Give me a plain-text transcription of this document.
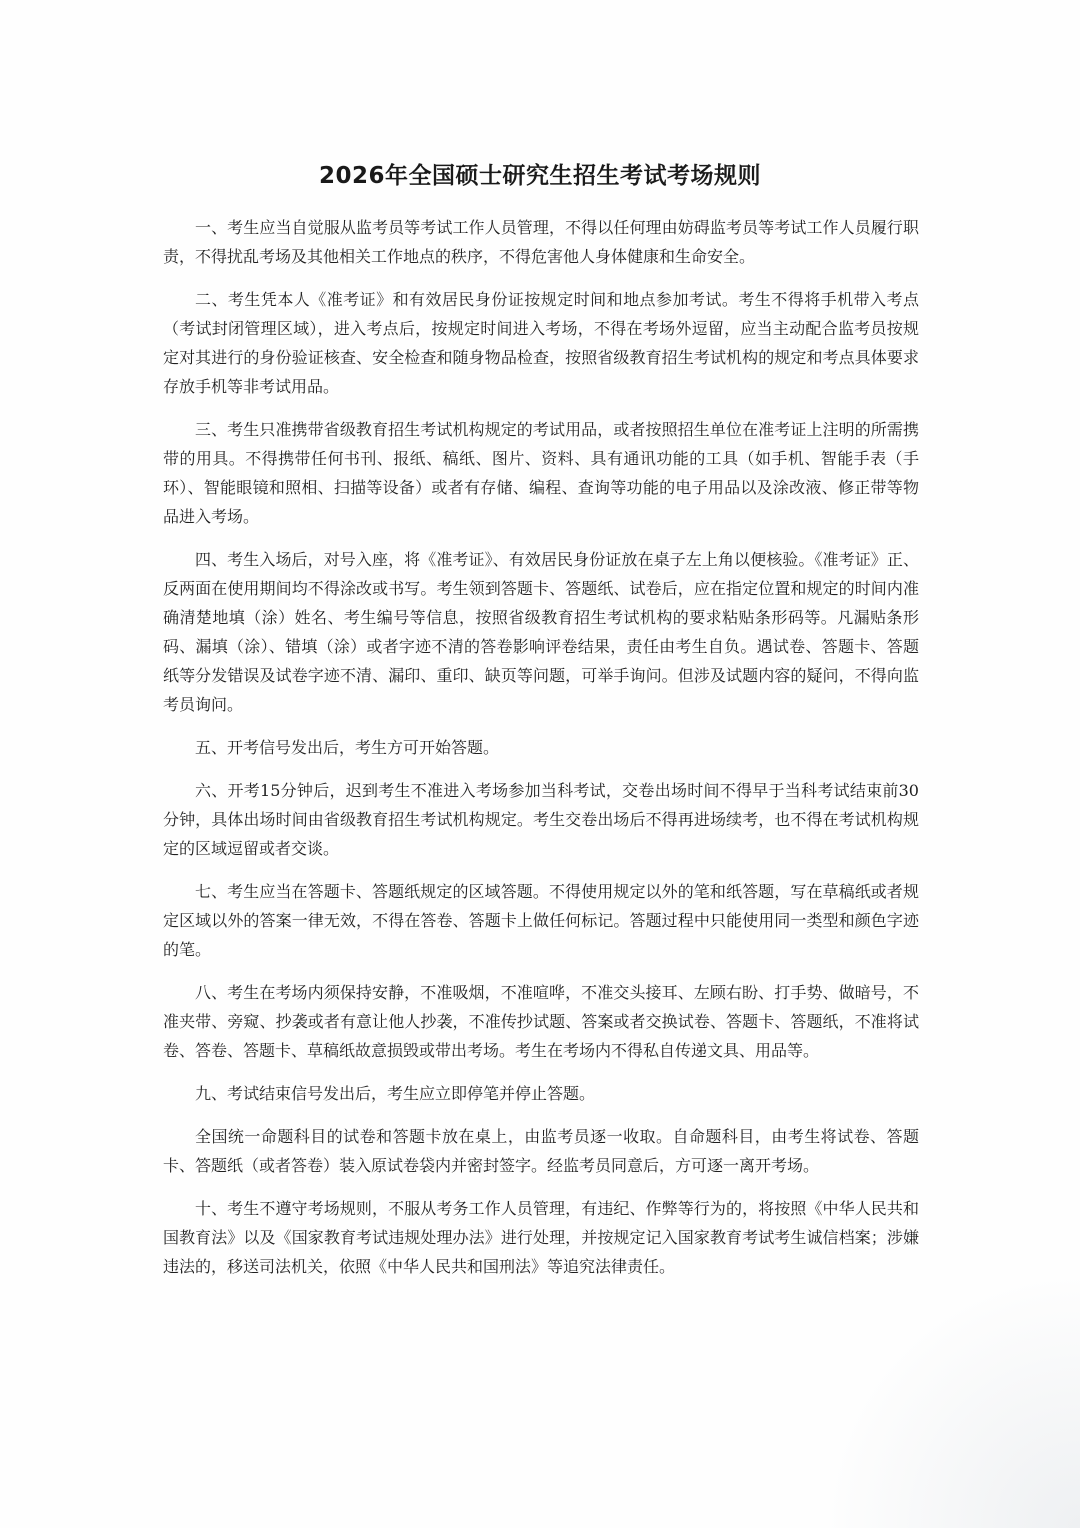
2026年全国硕士研究生招生考试考场规则

一、考生应当自觉服从监考员等考试工作人员管理，不得以任何理由妨碍监考员等考试工作人员履行职责，不得扰乱考场及其他相关工作地点的秩序，不得危害他人身体健康和生命安全。

二、考生凭本人《准考证》和有效居民身份证按规定时间和地点参加考试。考生不得将手机带入考点（考试封闭管理区域），进入考点后，按规定时间进入考场，不得在考场外逗留，应当主动配合监考员按规定对其进行的身份验证核查、安全检查和随身物品检查，按照省级教育招生考试机构的规定和考点具体要求存放手机等非考试用品。

三、考生只准携带省级教育招生考试机构规定的考试用品，或者按照招生单位在准考证上注明的所需携带的用具。不得携带任何书刊、报纸、稿纸、图片、资料、具有通讯功能的工具（如手机、智能手表（手环）、智能眼镜和照相、扫描等设备）或者有存储、编程、查询等功能的电子用品以及涂改液、修正带等物品进入考场。

四、考生入场后，对号入座，将《准考证》、有效居民身份证放在桌子左上角以便核验。《准考证》正、反两面在使用期间均不得涂改或书写。考生领到答题卡、答题纸、试卷后，应在指定位置和规定的时间内准确清楚地填（涂）姓名、考生编号等信息，按照省级教育招生考试机构的要求粘贴条形码等。凡漏贴条形码、漏填（涂）、错填（涂）或者字迹不清的答卷影响评卷结果，责任由考生自负。遇试卷、答题卡、答题纸等分发错误及试卷字迹不清、漏印、重印、缺页等问题，可举手询问。但涉及试题内容的疑问，不得向监考员询问。

五、开考信号发出后，考生方可开始答题。

六、开考15分钟后，迟到考生不准进入考场参加当科考试，交卷出场时间不得早于当科考试结束前30分钟，具体出场时间由省级教育招生考试机构规定。考生交卷出场后不得再进场续考，也不得在考试机构规定的区域逗留或者交谈。

七、考生应当在答题卡、答题纸规定的区域答题。不得使用规定以外的笔和纸答题，写在草稿纸或者规定区域以外的答案一律无效，不得在答卷、答题卡上做任何标记。答题过程中只能使用同一类型和颜色字迹的笔。

八、考生在考场内须保持安静，不准吸烟，不准喧哗，不准交头接耳、左顾右盼、打手势、做暗号，不准夹带、旁窥、抄袭或者有意让他人抄袭，不准传抄试题、答案或者交换试卷、答题卡、答题纸，不准将试卷、答卷、答题卡、草稿纸故意损毁或带出考场。考生在考场内不得私自传递文具、用品等。

九、考试结束信号发出后，考生应立即停笔并停止答题。

全国统一命题科目的试卷和答题卡放在桌上，由监考员逐一收取。自命题科目，由考生将试卷、答题卡、答题纸（或者答卷）装入原试卷袋内并密封签字。经监考员同意后，方可逐一离开考场。

十、考生不遵守考场规则，不服从考务工作人员管理，有违纪、作弊等行为的，将按照《中华人民共和国教育法》以及《国家教育考试违规处理办法》进行处理，并按规定记入国家教育考试考生诚信档案；涉嫌违法的，移送司法机关，依照《中华人民共和国刑法》等追究法律责任。
